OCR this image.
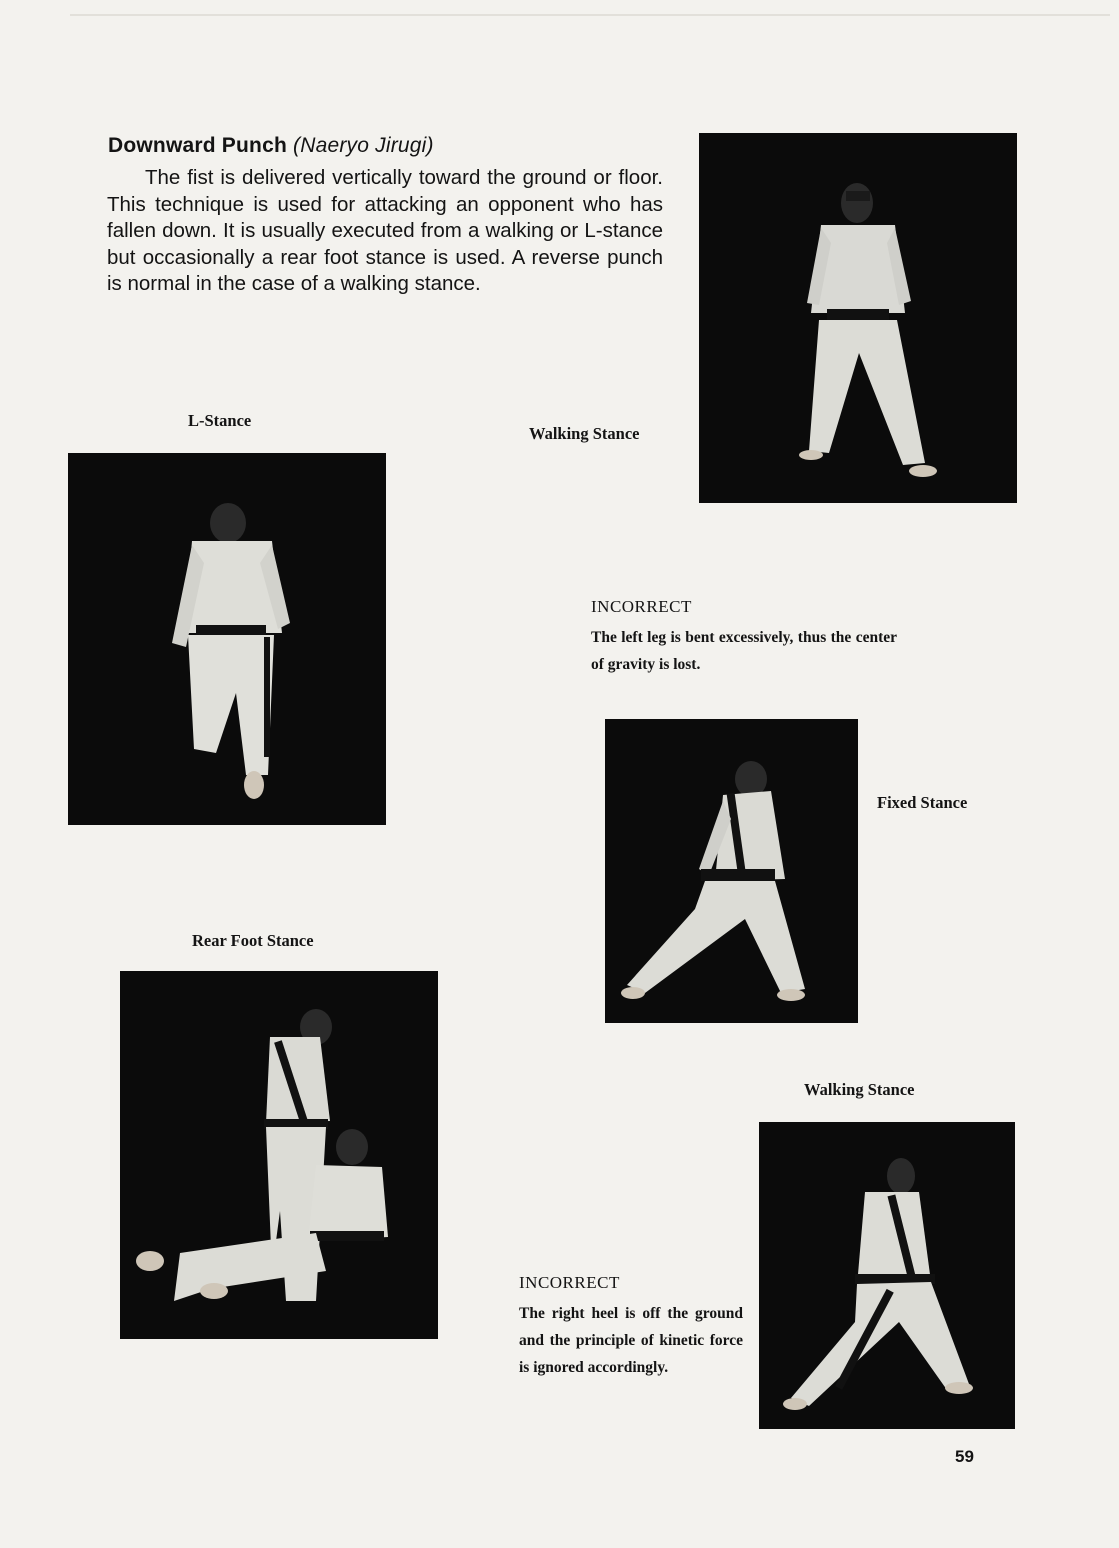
Downward Punch (Naeryo Jirugi)
The fist is delivered vertically toward the ground or floor. This technique is used for attacking an opponent who has fallen down. It is usually executed from a walking or L-stance but occasionally a rear foot stance is used. A reverse punch is normal in the case of a walking stance.
Walking Stance
L-Stance
INCORRECT
The left leg is bent excessively, thus the center of gravity is lost.
Fixed Stance
Rear Foot Stance
Walking Stance
INCORRECT
The right heel is off the ground and the principle of kinetic force is ignored accordingly.
59
